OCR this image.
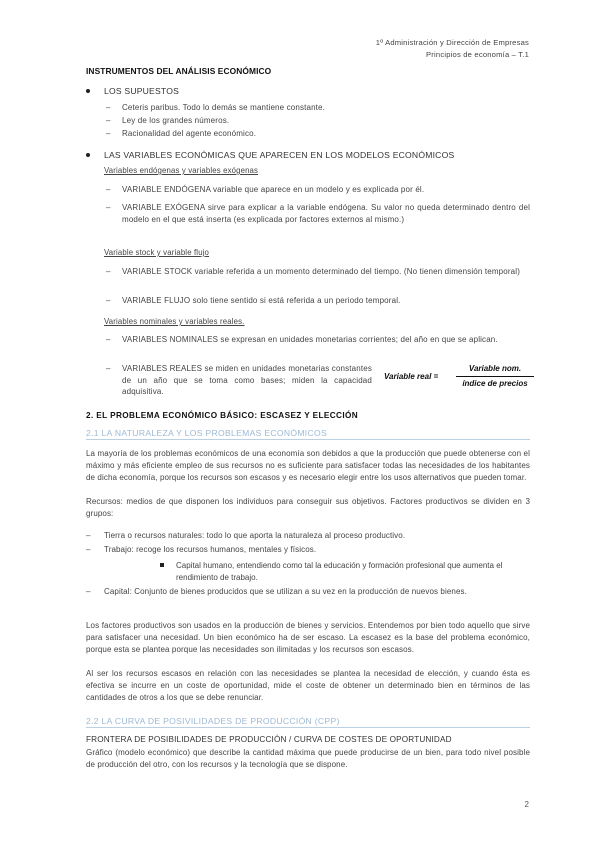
1º Administración y Dirección de Empresas
Principios de economía – T.1
INSTRUMENTOS DEL ANÁLISIS ECONÓMICO
LOS SUPUESTOS
–	Ceteris paribus. Todo lo demás se mantiene constante.
–	Ley de los grandes números.
–	Racionalidad del agente económico.
LAS VARIABLES ECONÓMICAS QUE APARECEN EN LOS MODELOS ECONÓMICOS
Variables endógenas y variables exógenas
–	VARIABLE ENDÓGENA variable que aparece en un modelo y es explicada por él.
–	VARIABLE EXÓGENA sirve para explicar a la variable endógena. Su valor no queda determinado dentro del modelo en el que está inserta (es explicada por factores externos al mismo.)
Variable stock y variable flujo
–	VARIABLE STOCK variable referida a un momento determinado del tiempo. (No tienen dimensión temporal)
–	VARIABLE FLUJO solo tiene sentido si está referida a un periodo temporal.
Variables nominales y variables reales.
–	VARIABLES NOMINALES se expresan en unidades monetarias corrientes; del año en que se aplican.
–	VARIABLES REALES se miden en unidades monetarias constantes de un año que se toma como bases; miden la capacidad adquisitiva.
Variable real =
Variable nom.
índice de precios
2. EL PROBLEMA ECONÓMICO BÁSICO: ESCASEZ Y ELECCIÓN
2.1 LA NATURALEZA Y LOS PROBLEMAS ECONÓMICOS

La mayoría de los problemas económicos de una economía son debidos a que la producción que puede obtenerse con el máximo y más eficiente empleo de sus recursos no es suficiente para satisfacer todas las necesidades de los habitantes de dicha economía, porque los recursos son escasos y es necesario elegir entre los usos alternativos que pueden tomar.

Recursos: medios de que disponen los individuos para conseguir sus objetivos. Factores productivos se dividen en 3 grupos:

– Tierra o recursos naturales: todo lo que aporta la naturaleza al proceso productivo.
– Trabajo: recoge los recursos humanos, mentales y físicos.
Capital humano, entendiendo como tal la educación y formación profesional que aumenta el rendimiento de trabajo.
– Capital: Conjunto de bienes producidos que se utilizan a su vez en la producción de nuevos bienes.

Los factores productivos son usados en la producción de bienes y servicios. Entendemos por bien todo aquello que sirve para satisfacer una necesidad. Un bien económico ha de ser escaso. La escasez es la base del problema económico, porque esta se plantea porque las necesidades son ilimitadas y los recursos son escasos.

Al ser los recursos escasos en relación con las necesidades se plantea la necesidad de elección, y cuando ésta es efectiva se incurre en un coste de oportunidad, mide el coste de obtener un determinado bien en términos de las cantidades de otros a los que se debe renunciar.

2.2 LA CURVA DE POSIVILIDADES DE PRODUCCIÓN (CPP)
FRONTERA DE POSIBILIDADES DE PRODUCCIÓN / CURVA DE COSTES DE OPORTUNIDAD

Gráfico (modelo económico) que describe la cantidad máxima que puede producirse de un bien, para todo nivel posible de producción del otro, con los recursos y la tecnología que se dispone.

2
